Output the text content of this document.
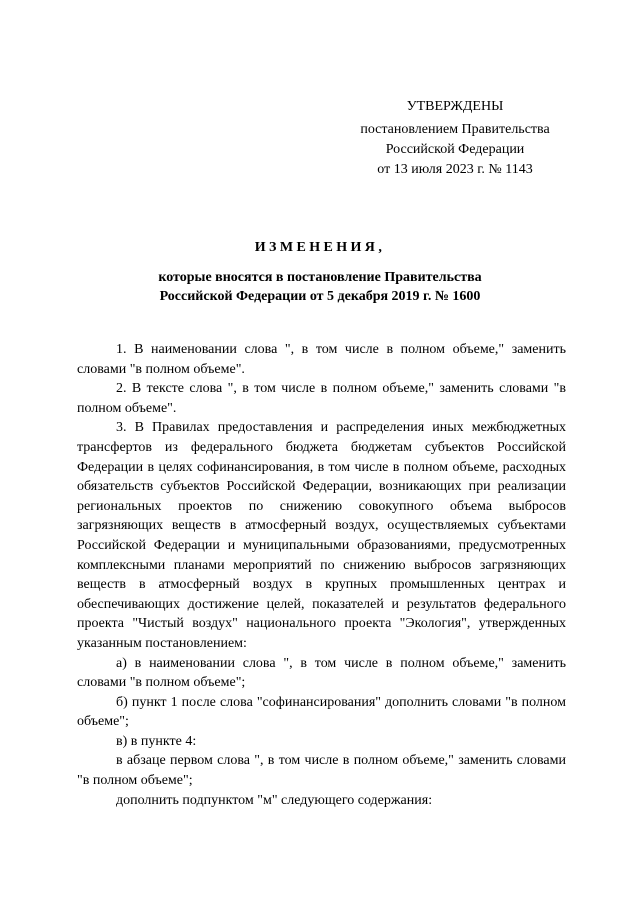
УТВЕРЖДЕНЫ
постановлением Правительства
Российской Федерации
от 13 июля 2023 г. № 1143
ИЗМЕНЕНИЯ,
которые вносятся в постановление Правительства
Российской Федерации от 5 декабря 2019 г. № 1600

1. В наименовании слова ", в том числе в полном объеме," заменить словами "в полном объеме".

2. В тексте слова ", в том числе в полном объеме," заменить словами "в полном объеме".

3. В Правилах предоставления и распределения иных межбюджетных трансфертов из федерального бюджета бюджетам субъектов Российской Федерации в целях софинансирования, в том числе в полном объеме, расходных обязательств субъектов Российской Федерации, возникающих при реализации региональных проектов по снижению совокупного объема выбросов загрязняющих веществ в атмосферный воздух, осуществляемых субъектами Российской Федерации и муниципальными образованиями, предусмотренных комплексными планами мероприятий по снижению выбросов загрязняющих веществ в атмосферный воздух в крупных промышленных центрах и обеспечивающих достижение целей, показателей и результатов федерального проекта "Чистый воздух" национального проекта "Экология", утвержденных указанным постановлением:

а) в наименовании слова ", в том числе в полном объеме," заменить словами "в полном объеме";

б) пункт 1 после слова "софинансирования" дополнить словами "в полном объеме";

в) в пункте 4:

в абзаце первом слова ", в том числе в полном объеме," заменить словами "в полном объеме";

дополнить подпунктом "м" следующего содержания:
